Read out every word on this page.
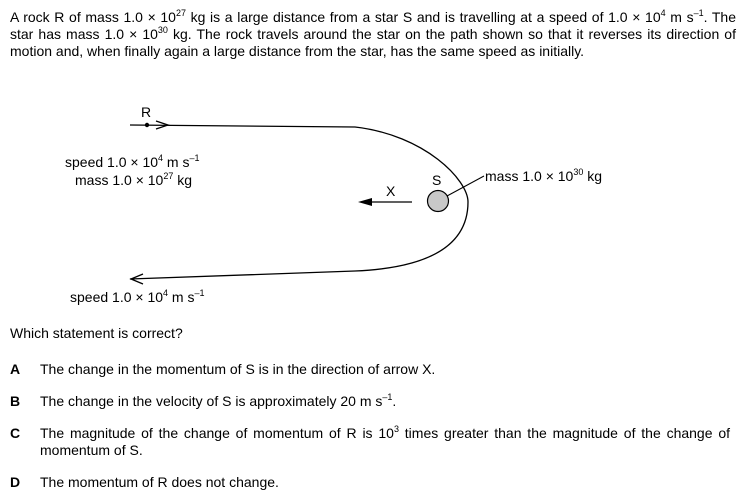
A rock R of mass $1.0 \times 10^{27}$ kg is a large distance from a star S and is travelling at a speed of $1.0 \times 10^4$ m $s^{-1}$. The star has mass $1.0 \times 10^{30}$ kg. The rock travels around the star on the path shown so that it reverses its direction of motion and, when finally again a large distance from the star, has the same speed as initially.

R
S
X
speed $1.0 \times 10^4$ m $s^{-1}$
mass $1.0 \times 10^{27}$ kg	mass $1.0 \times 10^{30}$ kg
speed $1.0 \times 10^4$ m $s^{-1}$
Which statement is correct?
A The change in the momentum of S is in the direction of arrow X.
B The change in the velocity of S is approximately 20 m $s^{-1}$.
C The magnitude of the change of momentum of R is $10^3$ times greater than the magnitude of the change of momentum of S.
D The momentum of R does not change.
